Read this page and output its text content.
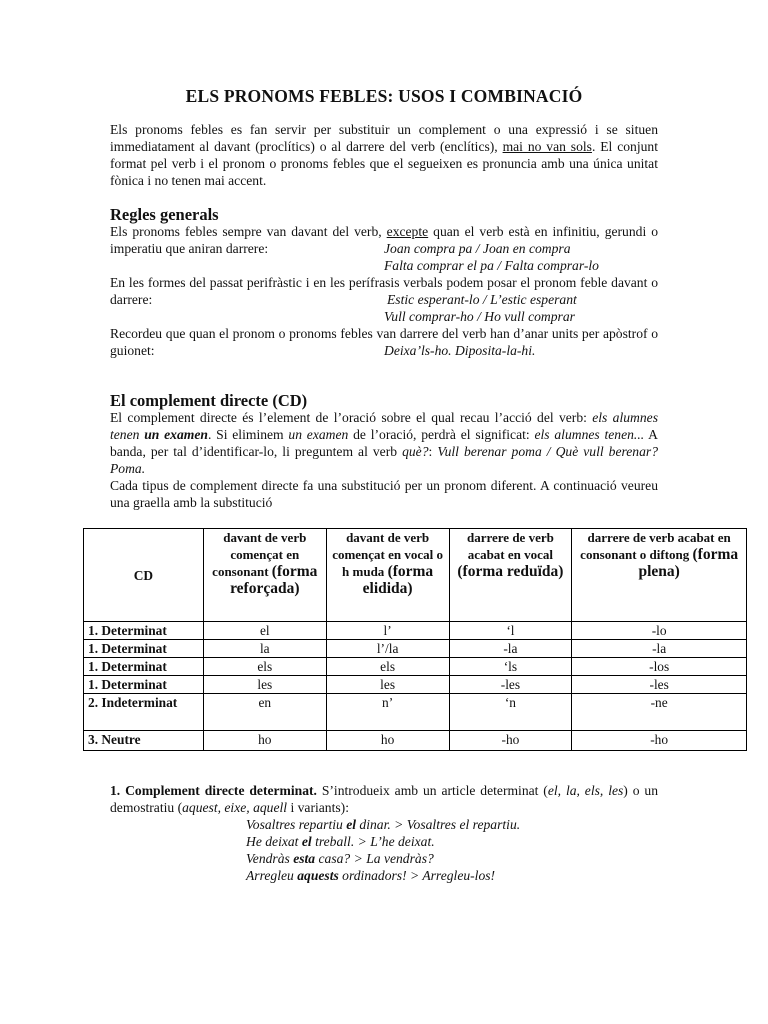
ELS PRONOMS FEBLES: USOS I COMBINACIÓ

Els pronoms febles es fan servir per substituir un complement o una expressió i se situen immediatament al davant (proclítics) o al darrere del verb (enclítics), mai no van sols. El conjunt format pel verb i el pronom o pronoms febles que el segueixen es pronuncia amb una única unitat fònica i no tenen mai accent.

Regles generals

Els pronoms febles sempre van davant del verb, excepte quan el verb està en infinitiu, gerundi o imperatiu que aniran darrere:	Joan compra pa / Joan en compra
Falta comprar el pa / Falta comprar-lo

En les formes del passat perifràstic i en les perífrasis verbals podem posar el pronom feble davant o darrere:	Estic esperant-lo / L’estic esperant
Vull comprar-ho / Ho vull comprar

Recordeu que quan el pronom o pronoms febles van darrere del verb han d’anar units per apòstrof o guionet:	Deixa’ls-ho. Diposita-la-hi.
El complement directe (CD)

El complement directe és l’element de l’oració sobre el qual recau l’acció del verb: els alumnes tenen un examen. Si eliminem un examen de l’oració, perdrà el significat: els alumnes tenen... A banda, per tal d’identificar-lo, li preguntem al verb què?: Vull berenar poma / Què vull berenar? Poma.

Cada tipus de complement directe fa una substitució per un pronom diferent. A continuació veureu una graella amb la substitució

CD	davant de verb començat en consonant (forma reforçada)	davant de verb començat en vocal o h muda (forma elidida)	darrere de verb acabat en vocal (forma reduïda)	darrere de verb acabat en consonant o diftong (forma plena)
1. Determinat	el	l’	‘l	-lo
1. Determinat	la	l’/la	-la	-la
1. Determinat	els	els	‘ls	-los
1. Determinat	les	les	-les	-les
2. Indeterminat	en	n’	‘n	-ne
3. Neutre	ho	ho	-ho	-ho

1. Complement directe determinat. S’introdueix amb un article determinat (el, la, els, les) o un demostratiu (aquest, eixe, aquell i variants):

Vosaltres repartiu el dinar. > Vosaltres el repartiu.
He deixat el treball. > L’he deixat.
Vendràs esta casa? > La vendràs?
Arregleu aquests ordinadors! > Arregleu-los!
